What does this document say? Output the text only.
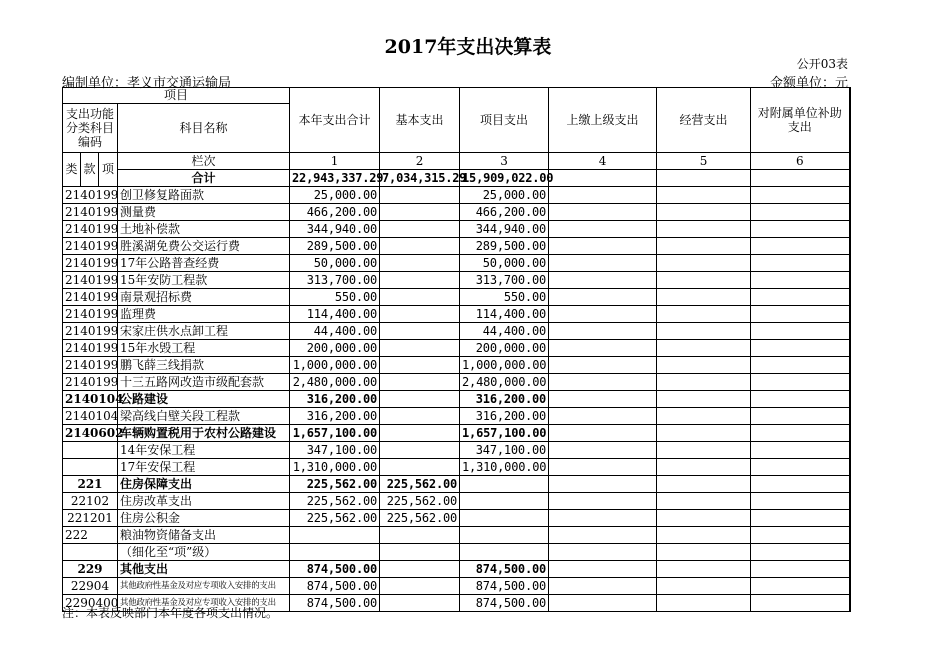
2017年支出决算表
公开03表
编制单位：孝义市交通运输局	金额单位：元
项目				本年支出合计	基本支出	项目支出	上缴上级支出	经营支出	对附属单位补助支出
支出功能分类科目编码			科目名称						

类	款	项	栏次	1	2	3	4	5	6
			合计	22,943,337.29	7,034,315.29	15,909,022.00			
2140199			创卫修复路面款	25,000.00		25,000.00			
2140199			测量费	466,200.00		466,200.00			
2140199			土地补偿款	344,940.00		344,940.00			
2140199			胜溪湖免费公交运行费	289,500.00		289,500.00			
2140199			17年公路普查经费	50,000.00		50,000.00			
2140199			15年安防工程款	313,700.00		313,700.00			
2140199			南景观招标费	550.00		550.00			
2140199			监理费	114,400.00		114,400.00			
2140199			宋家庄供水点卸工程	44,400.00		44,400.00			
2140199			15年水毁工程	200,000.00		200,000.00			
2140199			鹏飞薛三线捐款	1,000,000.00		1,000,000.00			
2140199			十三五路网改造市级配套款	2,480,000.00		2,480,000.00			
2140104			公路建设	316,200.00		316,200.00			
2140104			梁高线白壁关段工程款	316,200.00		316,200.00			
2140602			车辆购置税用于农村公路建设	1,657,100.00		1,657,100.00			
			14年安保工程	347,100.00		347,100.00			
			17年安保工程	1,310,000.00		1,310,000.00			
221			住房保障支出	225,562.00	225,562.00				
22102			住房改革支出	225,562.00	225,562.00				
221201			住房公积金	225,562.00	225,562.00				
222			粮油物资储备支出						
			（细化至“项”级）						
229			其他支出	874,500.00		874,500.00			
22904			其他政府性基金及对应专项收入安排的支出	874,500.00		874,500.00			
2290400			其他政府性基金及对应专项收入安排的支出	874,500.00		874,500.00			
注：本表反映部门本年度各项支出情况。
